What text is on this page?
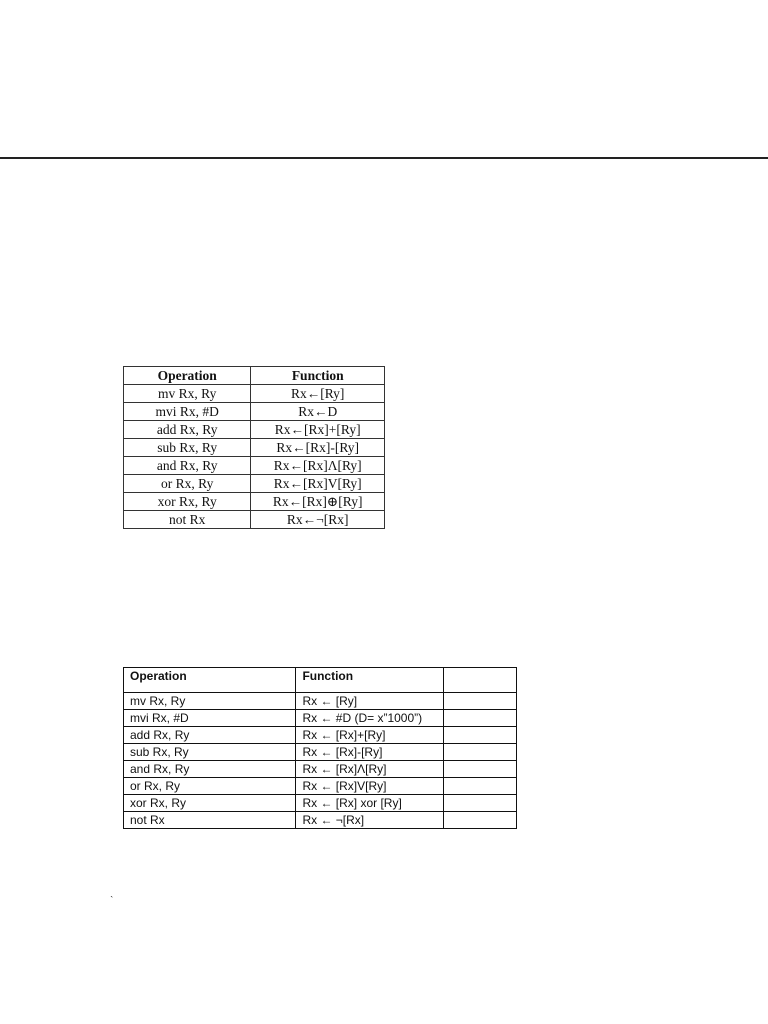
Operation	Function
mv Rx, Ry	Rx←[Ry]
mvi Rx, #D	Rx←D
add Rx, Ry	Rx←[Rx]+[Ry]
sub Rx, Ry	Rx←[Rx]-[Ry]
and Rx, Ry	Rx←[Rx]Λ[Ry]
or Rx, Ry	Rx←[Rx]V[Ry]
xor Rx, Ry	Rx←[Rx]⊕[Ry]
not Rx	Rx←¬[Rx]
Operation	Function	
mv Rx, Ry	Rx ← [Ry]	
mvi Rx, #D	Rx ← #D (D= x”1000”)	
add Rx, Ry	Rx ← [Rx]+[Ry]	
sub Rx, Ry	Rx ← [Rx]-[Ry]	
and Rx, Ry	Rx ← [Rx]Λ[Ry]	
or Rx, Ry	Rx ← [Rx]V[Ry]	
xor Rx, Ry	Rx ← [Rx] xor [Ry]	
not Rx	Rx ← ¬[Rx]	
˴
